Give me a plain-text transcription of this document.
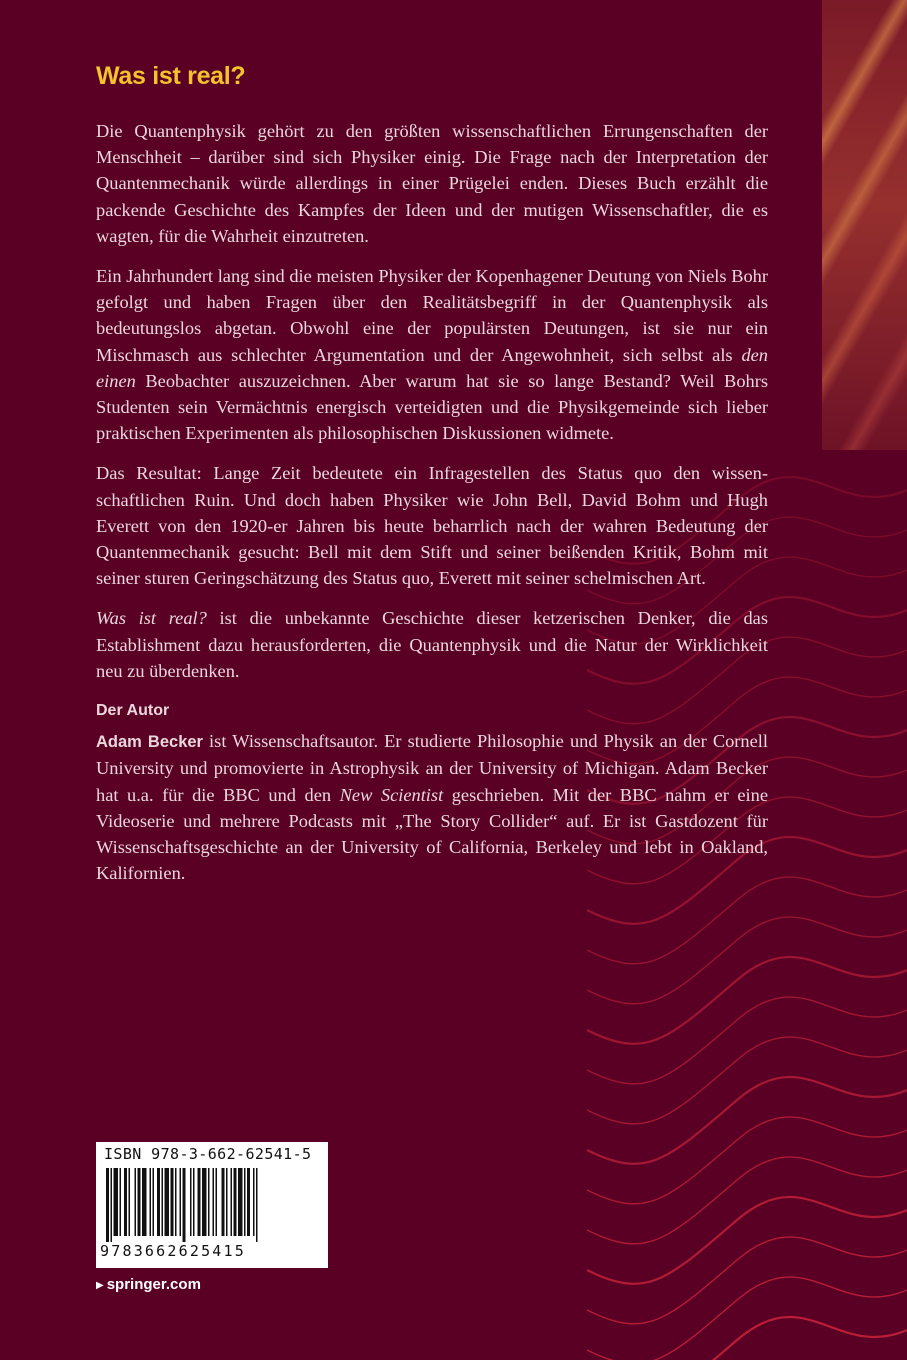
Was ist real?

Die Quantenphysik gehört zu den größten wissenschaftlichen Errungenschaften der Menschheit – darüber sind sich Physiker einig. Die Frage nach der Interpretation der Quantenmechanik würde allerdings in einer Prügelei enden. Dieses Buch erzählt die packende Geschichte des Kampfes der Ideen und der mutigen Wissenschaftler, die es wagten, für die Wahrheit einzutreten.

Ein Jahrhundert lang sind die meisten Physiker der Kopenhagener Deutung von Niels Bohr gefolgt und haben Fragen über den Realitätsbegriff in der Quantenphysik als bedeutungslos abgetan. Obwohl eine der populärsten Deutungen, ist sie nur ein Mischmasch aus schlechter Argumentation und der Angewohnheit, sich selbst als den einen Beobachter auszuzeichnen. Aber warum hat sie so lange Bestand? Weil Bohrs Studenten sein Vermächtnis energisch verteidigten und die Physikgemeinde sich lieber praktischen Experimenten als philosophischen Diskussionen widmete.

Das Resultat: Lange Zeit bedeutete ein Infragestellen des Status quo den wissenschaftlichen Ruin. Und doch haben Physiker wie John Bell, David Bohm und Hugh Everett von den 1920-er Jahren bis heute beharrlich nach der wahren Bedeutung der Quantenmechanik gesucht: Bell mit dem Stift und seiner beißenden Kritik, Bohm mit seiner sturen Geringschätzung des Status quo, Everett mit seiner schelmischen Art.

Was ist real? ist die unbekannte Geschichte dieser ketzerischen Denker, die das Establishment dazu herausforderten, die Quantenphysik und die Natur der Wirklichkeit neu zu überdenken.

Der Autor

Adam Becker ist Wissenschaftsautor. Er studierte Philosophie und Physik an der Cornell University und promovierte in Astrophysik an der University of Michigan. Adam Becker hat u.a. für die BBC und den New Scientist geschrieben. Mit der BBC nahm er eine Videoserie und mehrere Podcasts mit „The Story Collider“ auf. Er ist Gastdozent für Wissenschaftsgeschichte an der University of California, Berkeley und lebt in Oakland, Kalifornien.

ISBN 978-3-662-62541-5
9783662625415
▶ springer.com
